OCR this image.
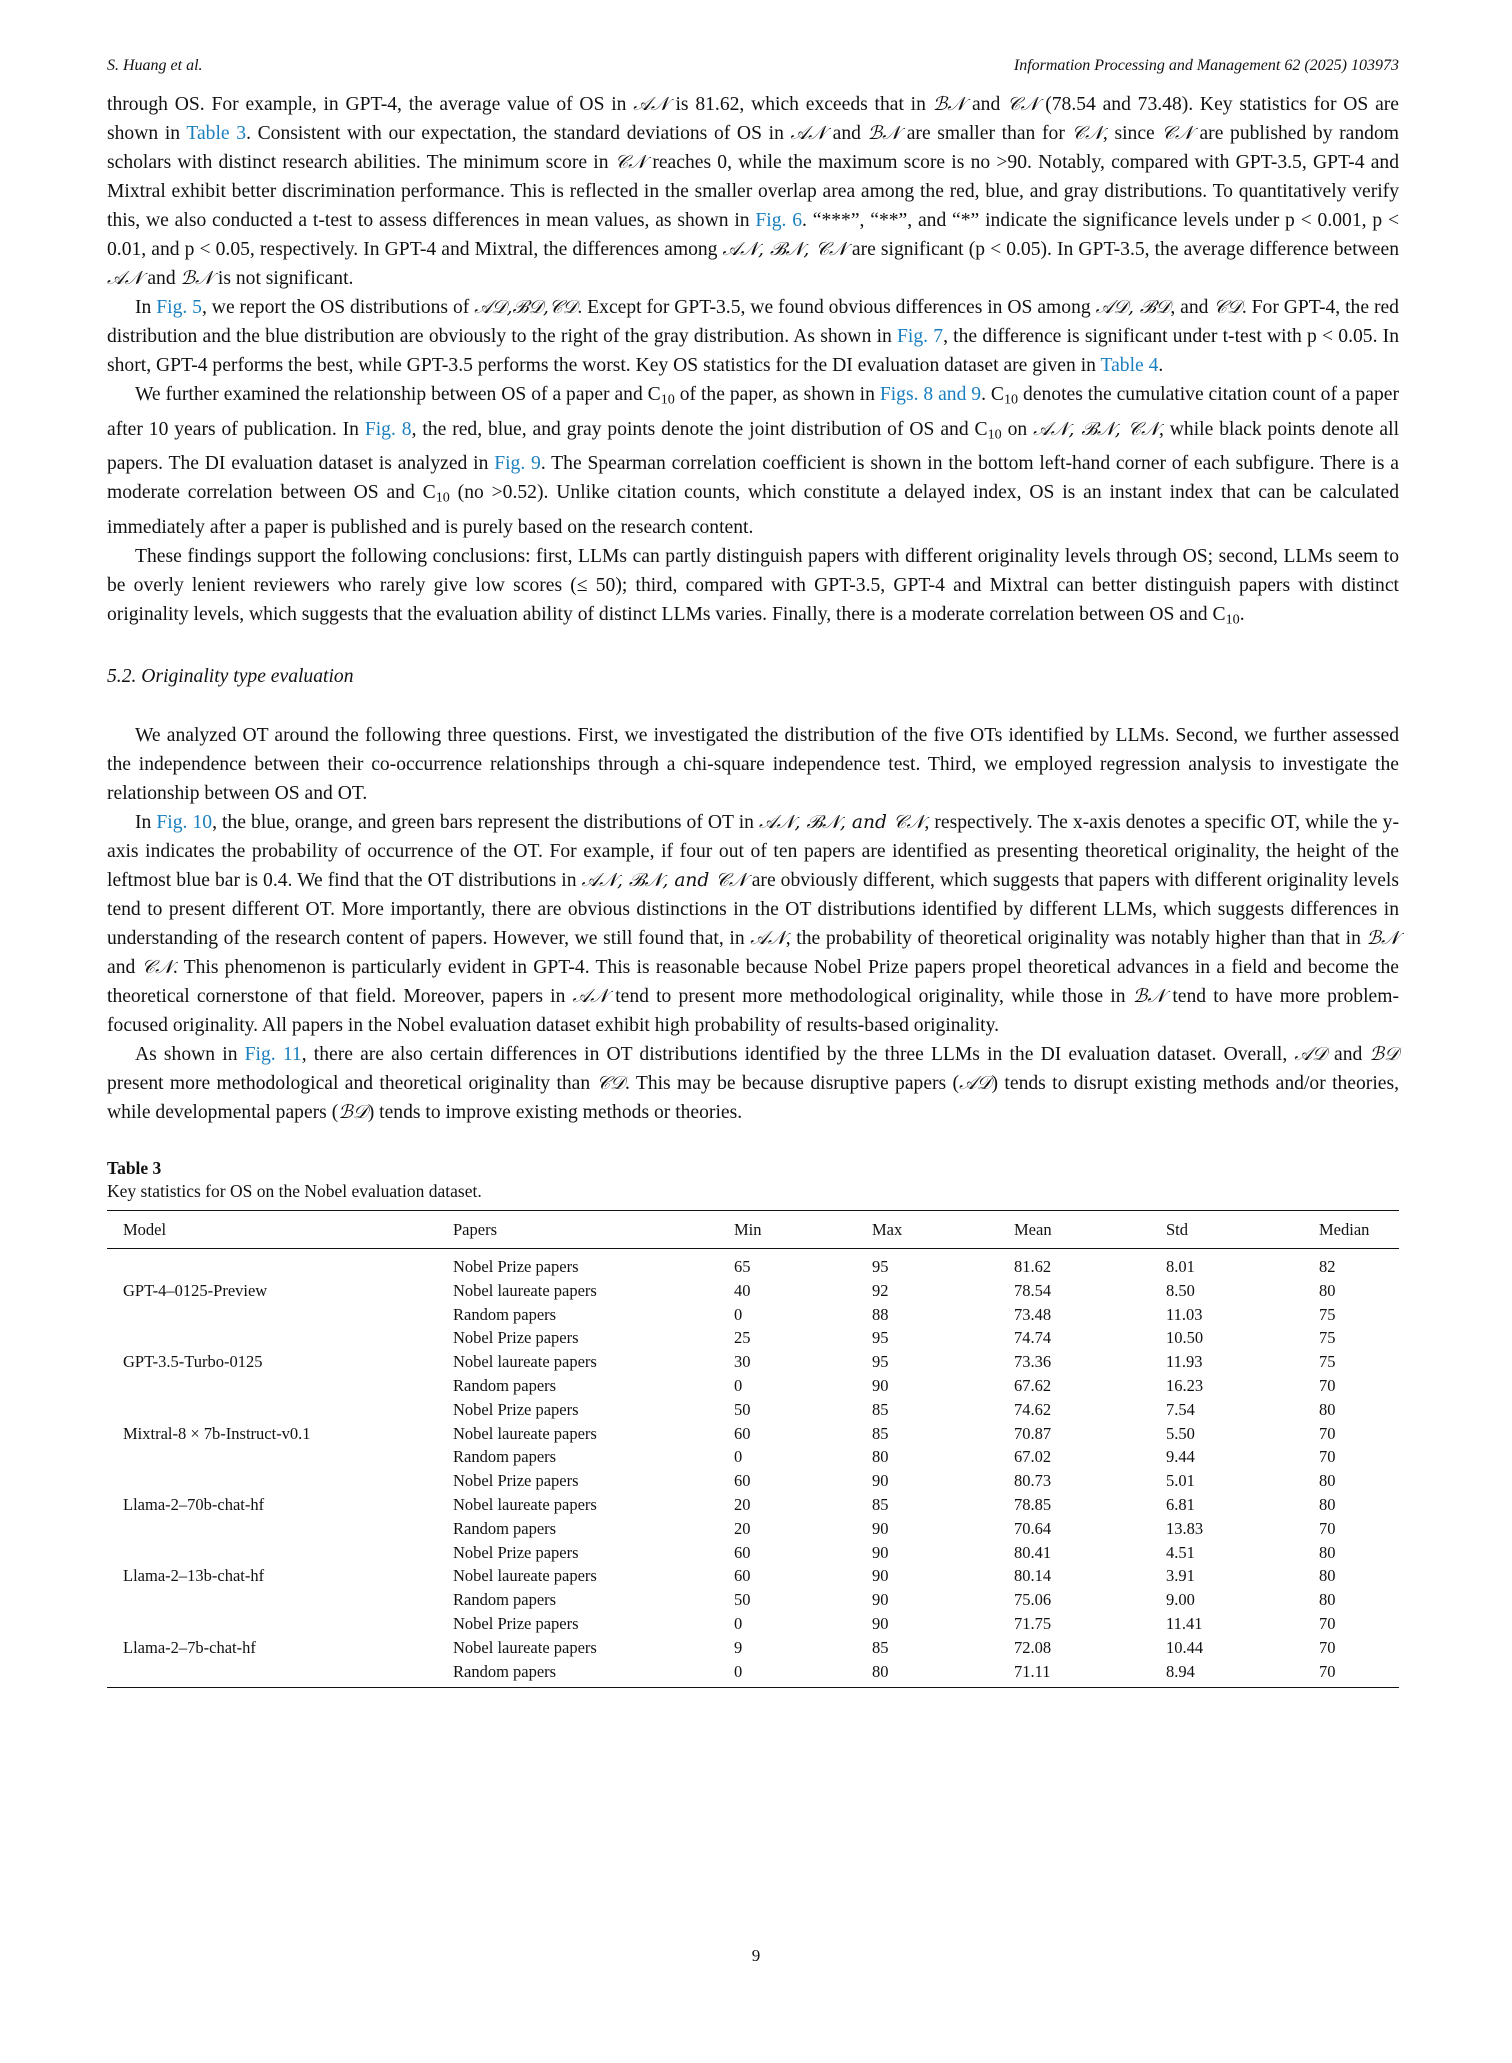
S. Huang et al.	Information Processing and Management 62 (2025) 103973

through OS. For example, in GPT-4, the average value of OS in 𝒜𝒩 is 81.62, which exceeds that in ℬ𝒩 and 𝒞𝒩 (78.54 and 73.48). Key statistics for OS are shown in Table 3. Consistent with our expectation, the standard deviations of OS in 𝒜𝒩 and ℬ𝒩 are smaller than for 𝒞𝒩, since 𝒞𝒩 are published by random scholars with distinct research abilities. The minimum score in 𝒞𝒩 reaches 0, while the maximum score is no >90. Notably, compared with GPT-3.5, GPT-4 and Mixtral exhibit better discrimination performance. This is reflected in the smaller overlap area among the red, blue, and gray distributions. To quantitatively verify this, we also conducted a t-test to assess differences in mean values, as shown in Fig. 6. “***”, “**”, and “*” indicate the significance levels under p < 0.001, p < 0.01, and p < 0.05, respectively. In GPT-4 and Mixtral, the differences among 𝒜𝒩, ℬ𝒩, 𝒞𝒩 are significant (p < 0.05). In GPT-3.5, the average difference between 𝒜𝒩 and ℬ𝒩 is not significant.

In Fig. 5, we report the OS distributions of 𝒜𝒟,ℬ𝒟,𝒞𝒟. Except for GPT-3.5, we found obvious differences in OS among 𝒜𝒟, ℬ𝒟, and 𝒞𝒟. For GPT-4, the red distribution and the blue distribution are obviously to the right of the gray distribution. As shown in Fig. 7, the difference is significant under t-test with p < 0.05. In short, GPT-4 performs the best, while GPT-3.5 performs the worst. Key OS statistics for the DI evaluation dataset are given in Table 4.

We further examined the relationship between OS of a paper and $C_{10}$ of the paper, as shown in Figs. 8 and 9. $C_{10}$ denotes the cumulative citation count of a paper after 10 years of publication. In Fig. 8, the red, blue, and gray points denote the joint distribution of OS and $C_{10}$ on 𝒜𝒩, ℬ𝒩, 𝒞𝒩, while black points denote all papers. The DI evaluation dataset is analyzed in Fig. 9. The Spearman correlation coefficient is shown in the bottom left-hand corner of each subfigure. There is a moderate correlation between OS and $C_{10}$ (no >0.52). Unlike citation counts, which constitute a delayed index, OS is an instant index that can be calculated immediately after a paper is published and is purely based on the research content.

These findings support the following conclusions: first, LLMs can partly distinguish papers with different originality levels through OS; second, LLMs seem to be overly lenient reviewers who rarely give low scores (≤ 50); third, compared with GPT-3.5, GPT-4 and Mixtral can better distinguish papers with distinct originality levels, which suggests that the evaluation ability of distinct LLMs varies. Finally, there is a moderate correlation between OS and $C_{10}$.

5.2. Originality type evaluation

We analyzed OT around the following three questions. First, we investigated the distribution of the five OTs identified by LLMs. Second, we further assessed the independence between their co-occurrence relationships through a chi-square independence test. Third, we employed regression analysis to investigate the relationship between OS and OT.

In Fig. 10, the blue, orange, and green bars represent the distributions of OT in 𝒜𝒩, ℬ𝒩, and 𝒞𝒩, respectively. The x-axis denotes a specific OT, while the y-axis indicates the probability of occurrence of the OT. For example, if four out of ten papers are identified as presenting theoretical originality, the height of the leftmost blue bar is 0.4. We find that the OT distributions in 𝒜𝒩, ℬ𝒩, and 𝒞𝒩 are obviously different, which suggests that papers with different originality levels tend to present different OT. More importantly, there are obvious distinctions in the OT distributions identified by different LLMs, which suggests differences in understanding of the research content of papers. However, we still found that, in 𝒜𝒩, the probability of theoretical originality was notably higher than that in ℬ𝒩 and 𝒞𝒩. This phenomenon is particularly evident in GPT-4. This is reasonable because Nobel Prize papers propel theoretical advances in a field and become the theoretical cornerstone of that field. Moreover, papers in 𝒜𝒩 tend to present more methodological originality, while those in ℬ𝒩 tend to have more problem-focused originality. All papers in the Nobel evaluation dataset exhibit high probability of results-based originality.

As shown in Fig. 11, there are also certain differences in OT distributions identified by the three LLMs in the DI evaluation dataset. Overall, 𝒜𝒟 and ℬ𝒟 present more methodological and theoretical originality than 𝒞𝒟. This may be because disruptive papers (𝒜𝒟) tends to disrupt existing methods and/or theories, while developmental papers (ℬ𝒟) tends to improve existing methods or theories.

Table 3
Key statistics for OS on the Nobel evaluation dataset.
Model	Papers	Min	Max	Mean	Std	Median
	Nobel Prize papers	65	95	81.62	8.01	82
GPT-4–0125-Preview	Nobel laureate papers	40	92	78.54	8.50	80
	Random papers	0	88	73.48	11.03	75
	Nobel Prize papers	25	95	74.74	10.50	75
GPT-3.5-Turbo-0125	Nobel laureate papers	30	95	73.36	11.93	75
	Random papers	0	90	67.62	16.23	70
	Nobel Prize papers	50	85	74.62	7.54	80
Mixtral-8 × 7b-Instruct-v0.1	Nobel laureate papers	60	85	70.87	5.50	70
	Random papers	0	80	67.02	9.44	70
	Nobel Prize papers	60	90	80.73	5.01	80
Llama-2–70b-chat-hf	Nobel laureate papers	20	85	78.85	6.81	80
	Random papers	20	90	70.64	13.83	70
	Nobel Prize papers	60	90	80.41	4.51	80
Llama-2–13b-chat-hf	Nobel laureate papers	60	90	80.14	3.91	80
	Random papers	50	90	75.06	9.00	80
	Nobel Prize papers	0	90	71.75	11.41	70
Llama-2–7b-chat-hf	Nobel laureate papers	9	85	72.08	10.44	70
	Random papers	0	80	71.11	8.94	70
9
